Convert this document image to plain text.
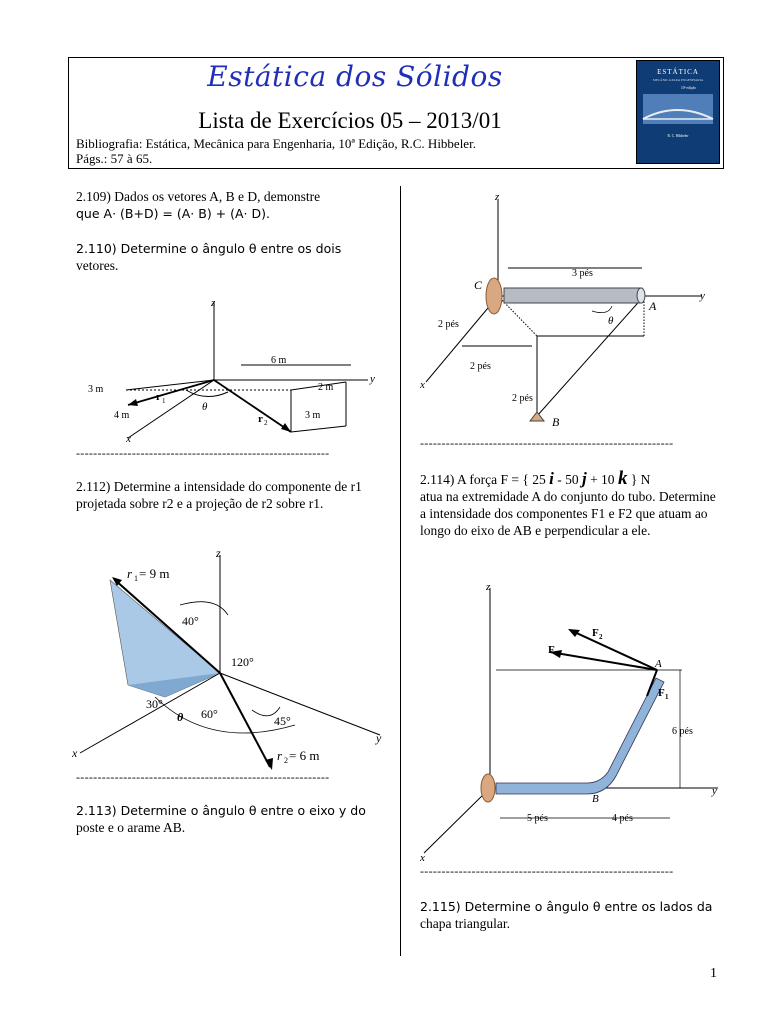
Estática dos Sólidos
Lista de Exercícios 05 – 2013/01
Bibliografia: Estática, Mecânica para Engenharia, 10ª Edição, R.C. Hibbeler.
Págs.: 57 à 65.
ESTÁTICA
MECÂNICA PARA ENGENHARIA
10ª edição
R. C. Hibbeler
2.109) Dados os vetores A, B e D, demonstre
que A· (B+D) = (A· B) + (A· D).
2.110) Determine o ângulo θ entre os dois
vetores.
z
y
x
6 m
3 m	2 m
4 m	3 m
r 1
r 2
θ
-----------------------------------------------------------
2.112) Determine a intensidade do componente de r1 projetada sobre r2 e a projeção de r2 sobre r1.
z
y
x
r 1 = 9 m
r 2 = 6 m
40°
120°
30°
60°	45°
θ
-----------------------------------------------------------
2.113) Determine o ângulo θ entre o eixo y do
poste e o arame AB.
z
y
x
C
A
B
3 pés
2 pés
2 pés
2 pés
θ
-----------------------------------------------------------
2.114) A força F = { 25 i - 50 j + 10 k } N
atua na extremidade A do conjunto do tubo. Determine a intensidade dos componentes F1 e F2 que atuam ao longo do eixo de AB e perpendicular a ele.
z
y
x
F
F 2
F 1
A
B
6 pés
5 pés	4 pés
-----------------------------------------------------------
2.115) Determine o ângulo θ entre os lados da
chapa triangular.
1
